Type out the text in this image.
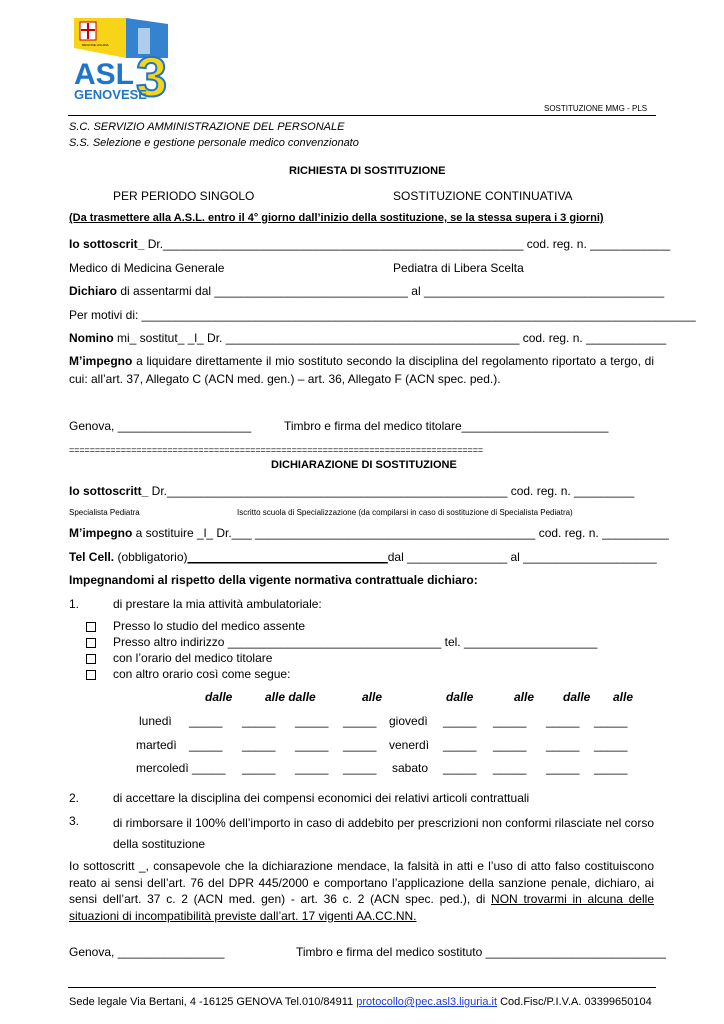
ASL 3
GENOVESE
REGIONE LIGURIA
SOSTITUZIONE MMG - PLS
S.C. SERVIZIO AMMINISTRAZIONE DEL PERSONALE
S.S. Selezione e gestione personale medico convenzionato
RICHIESTA DI SOSTITUZIONE
PER PERIODO SINGOLO	SOSTITUZIONE CONTINUATIVA
(Da trasmettere alla A.S.L. entro il 4° giorno dall’inizio della sostituzione, se la stessa supera i 3 giorni)
Io sottoscrit_ Dr.______________________________________________________ cod. reg. n. ____________
Medico di Medicina Generale	Pediatra di Libera Scelta
Dichiaro di assentarmi dal _____________________________ al ____________________________________
Per motivi di: ___________________________________________________________________________________
Nomino mi_ sostitut_ _l_ Dr. ____________________________________________ cod. reg. n. ____________
M’impegno a liquidare direttamente il mio sostituto secondo la disciplina del regolamento riportato a tergo, di cui: all’art. 37, Allegato C (ACN med. gen.) – art. 36, Allegato F (ACN spec. ped.).
Genova, ____________________	Timbro e firma del medico titolare______________________
================================================================================
DICHIARAZIONE DI SOSTITUZIONE
Io sottoscritt_ Dr.___________________________________________________ cod. reg. n. _________
Specialista Pediatra	Iscritto scuola di Specializzazione (da compilarsi in caso di sostituzione di Specialista Pediatra)
M’impegno a sostituire _l_ Dr.___ __________________________________________ cod. reg. n. __________
Tel Cell. (obbligatorio)______________________________dal _______________ al ____________________
Impegnandomi al rispetto della vigente normativa contrattuale dichiaro:
1.	di prestare la mia attività ambulatoriale:
Presso lo studio del medico assente
Presso altro indirizzo ________________________________ tel. ____________________
con l’orario del medico titolare
con altro orario così come segue:
dalle	alle dalle	alle	dalle	alle dalle alle
lunedì _____ _____ _____ _____ giovedì _____ _____ _____ _____
martedì _____ _____ _____ _____ venerdì _____ _____ _____ _____
mercoledì _____ _____ _____ _____ sabato _____ _____ _____ _____
2.	di accettare la disciplina dei compensi economici dei relativi articoli contrattuali
3.	di rimborsare il 100% dell’importo in caso di addebito per prescrizioni non conformi rilasciate nel corso della sostituzione
Io sottoscritt _, consapevole che la dichiarazione mendace, la falsità in atti e l’uso di atto falso costituiscono reato ai sensi dell’art. 76 del DPR 445/2000 e comportano l’applicazione della sanzione penale, dichiaro, ai sensi dell’art. 37 c. 2 (ACN med. gen) - art. 36 c. 2 (ACN spec. ped.), di NON trovarmi in alcuna delle situazioni di incompatibilità previste dall’art. 17 vigenti AA.CC.NN.
Genova, ________________	Timbro e firma del medico sostituto ___________________________
Sede legale Via Bertani, 4 -16125 GENOVA Tel.010/84911 protocollo@pec.asl3.liguria.it Cod.Fisc/P.I.V.A. 03399650104
